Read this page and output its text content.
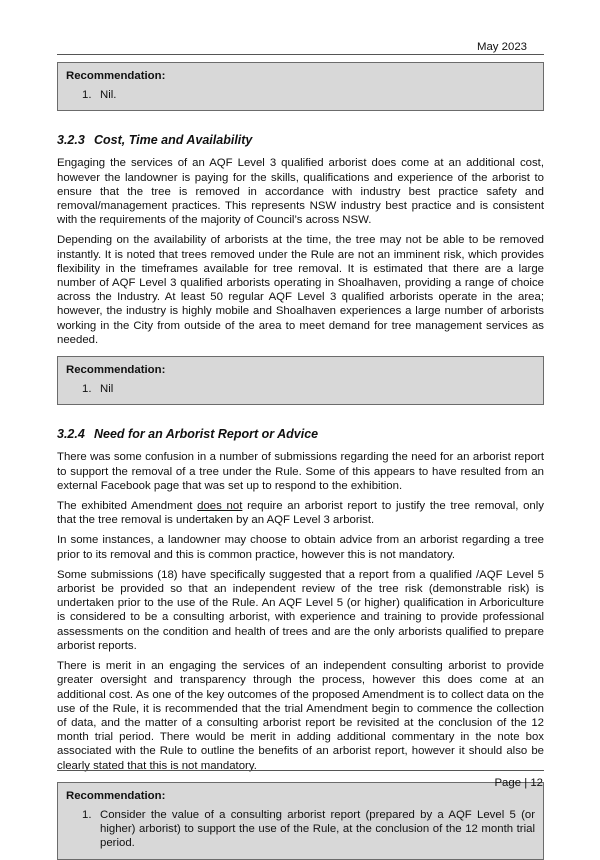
May 2023
Recommendation:
1. Nil.
3.2.3 Cost, Time and Availability

Engaging the services of an AQF Level 3 qualified arborist does come at an additional cost, however the landowner is paying for the skills, qualifications and experience of the arborist to ensure that the tree is removed in accordance with industry best practice safety and removal/management practices. This represents NSW industry best practice and is consistent with the requirements of the majority of Council’s across NSW.

Depending on the availability of arborists at the time, the tree may not be able to be removed instantly. It is noted that trees removed under the Rule are not an imminent risk, which provides flexibility in the timeframes available for tree removal. It is estimated that there are a large number of AQF Level 3 qualified arborists operating in Shoalhaven, providing a range of choice across the Industry. At least 50 regular AQF Level 3 qualified arborists operate in the area; however, the industry is highly mobile and Shoalhaven experiences a large number of arborists working in the City from outside of the area to meet demand for tree management services as needed.

Recommendation:
1. Nil
3.2.4 Need for an Arborist Report or Advice

There was some confusion in a number of submissions regarding the need for an arborist report to support the removal of a tree under the Rule. Some of this appears to have resulted from an external Facebook page that was set up to respond to the exhibition.

The exhibited Amendment does not require an arborist report to justify the tree removal, only that the tree removal is undertaken by an AQF Level 3 arborist.

In some instances, a landowner may choose to obtain advice from an arborist regarding a tree prior to its removal and this is common practice, however this is not mandatory.

Some submissions (18) have specifically suggested that a report from a qualified /AQF Level 5 arborist be provided so that an independent review of the tree risk (demonstrable risk) is undertaken prior to the use of the Rule. An AQF Level 5 (or higher) qualification in Arboriculture is considered to be a consulting arborist, with experience and training to provide professional assessments on the condition and health of trees and are the only arborists qualified to prepare arborist reports.

There is merit in an engaging the services of an independent consulting arborist to provide greater oversight and transparency through the process, however this does come at an additional cost. As one of the key outcomes of the proposed Amendment is to collect data on the use of the Rule, it is recommended that the trial Amendment begin to commence the collection of data, and the matter of a consulting arborist report be revisited at the conclusion of the 12 month trial period. There would be merit in adding additional commentary in the note box associated with the Rule to outline the benefits of an arborist report, however it should also be clearly stated that this is not mandatory.

Recommendation:
1. Consider the value of a consulting arborist report (prepared by a AQF Level 5 (or higher) arborist) to support the use of the Rule, at the conclusion of the 12 month trial period.
Page | 12
